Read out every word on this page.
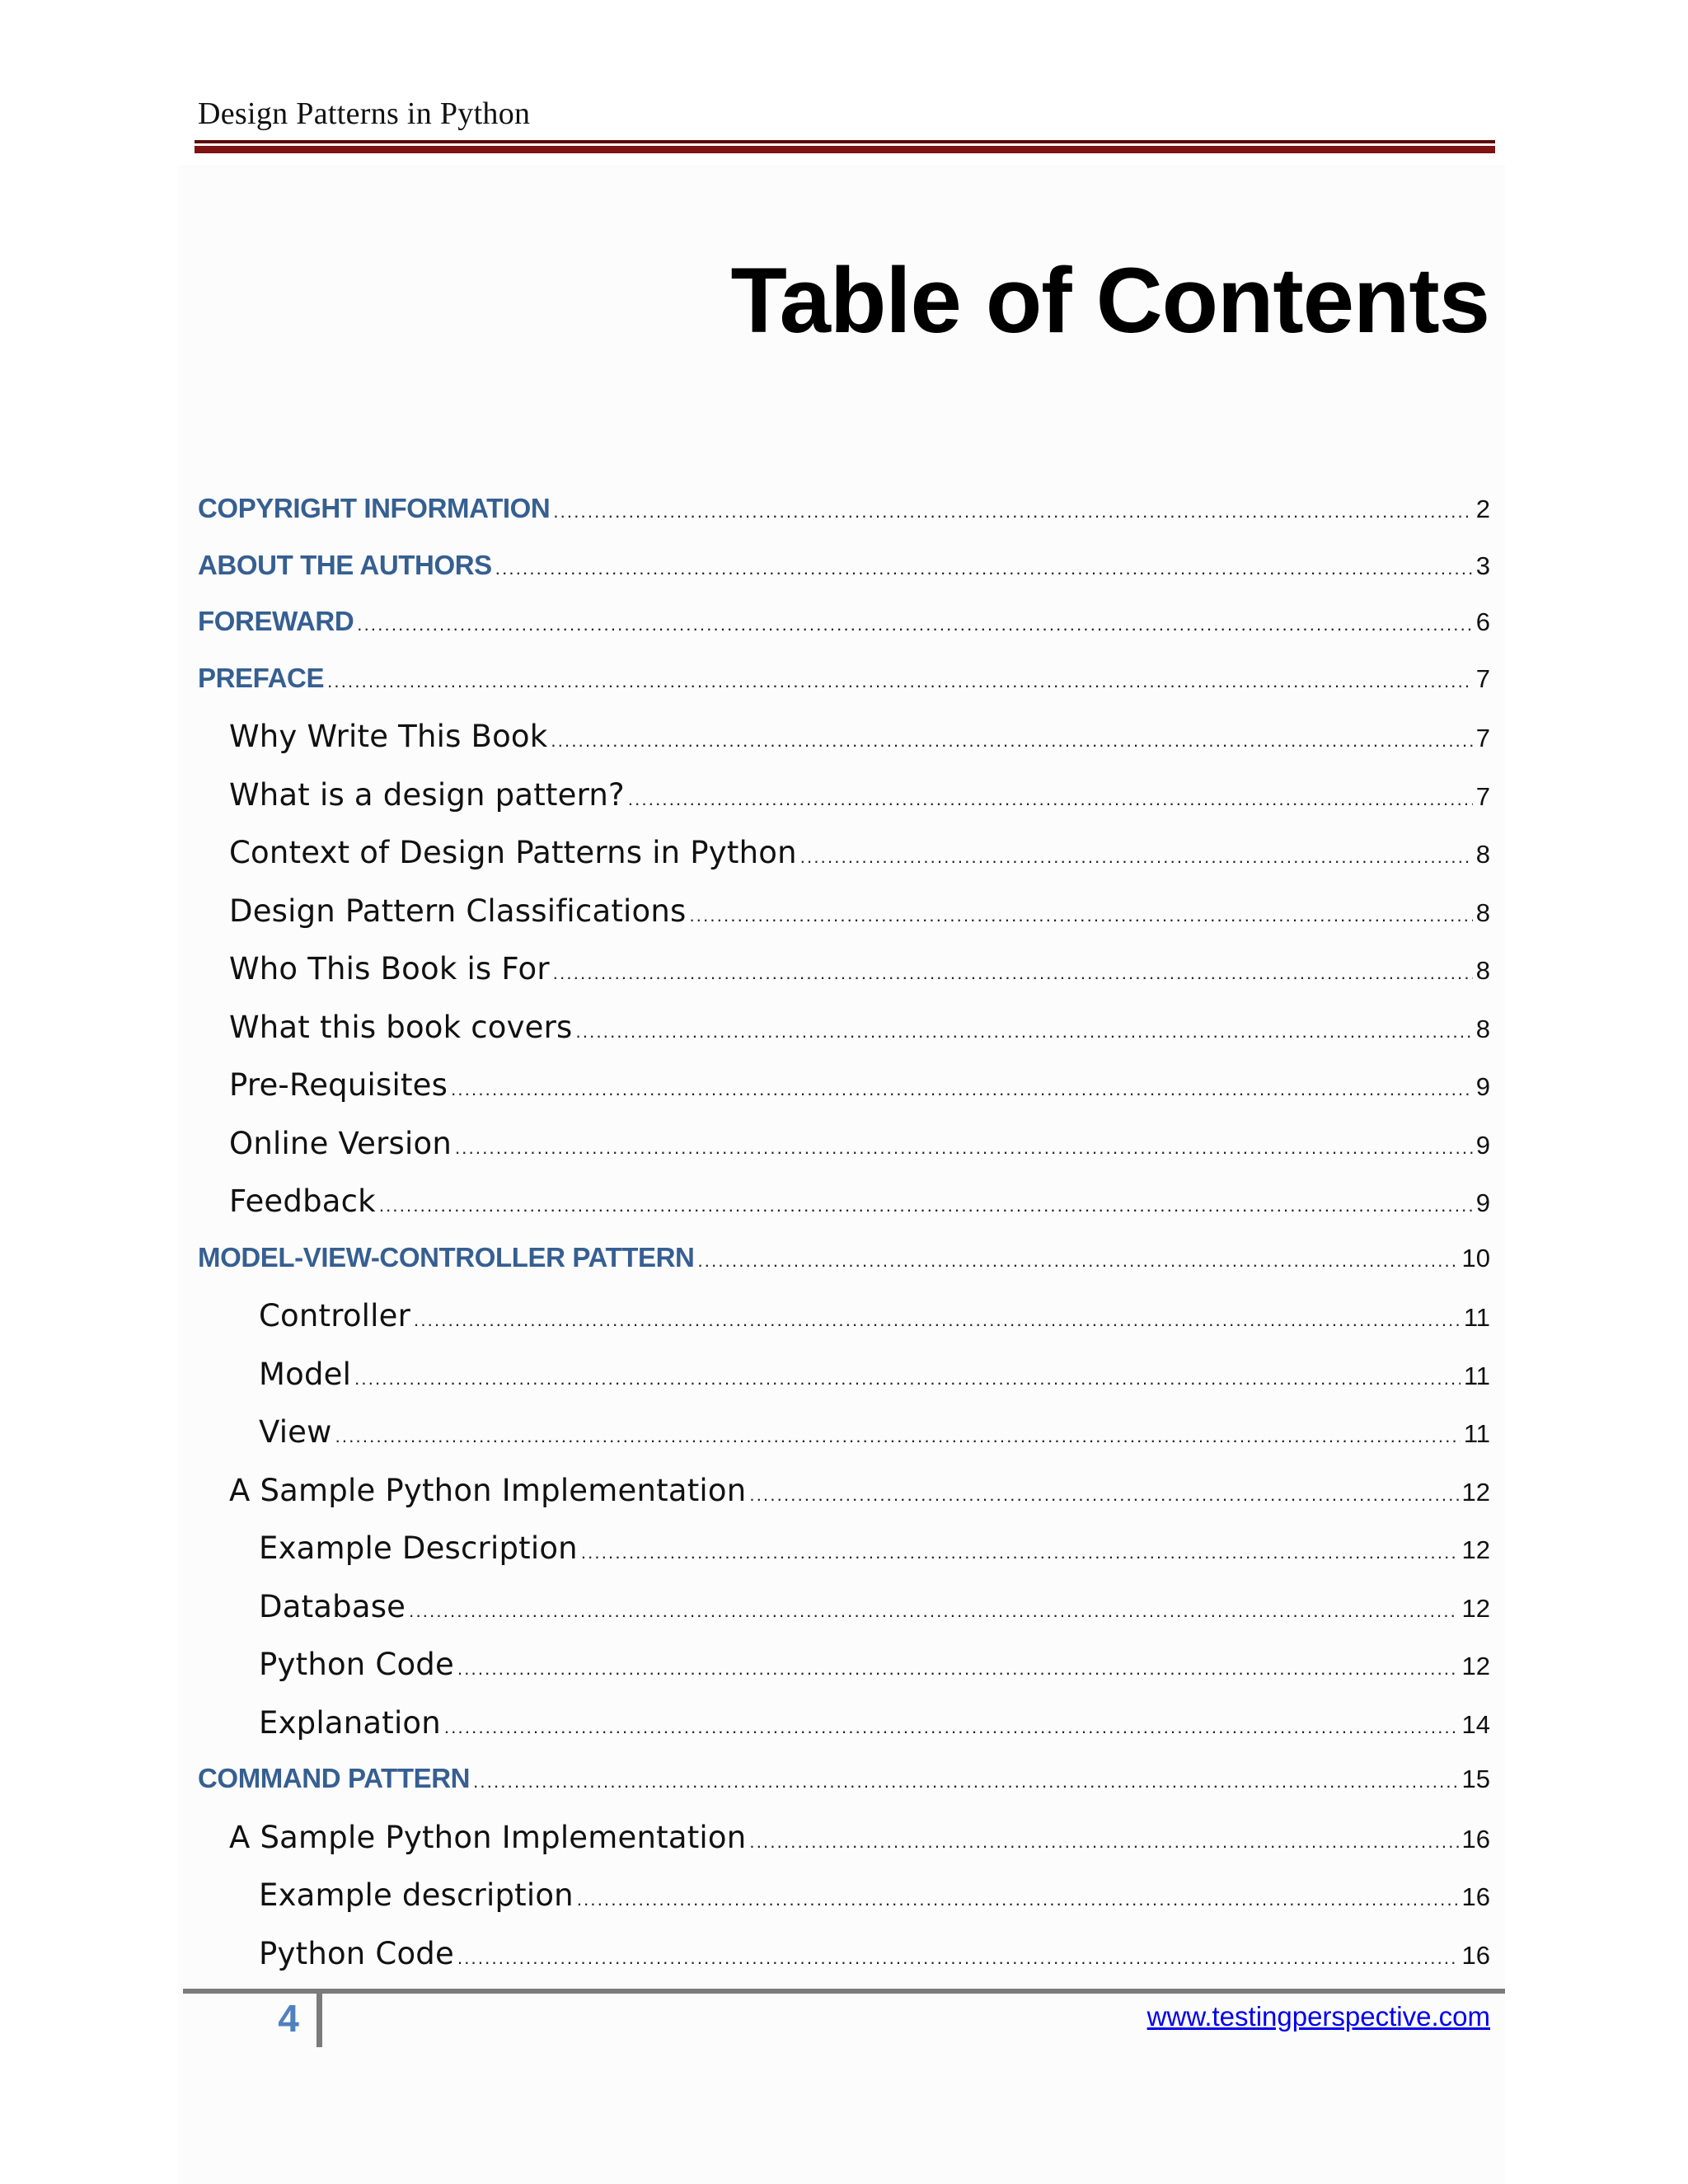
Design Patterns in Python
Table of Contents
COPYRIGHT INFORMATION .....	2
ABOUT THE AUTHORS .....	3
FOREWARD .....	6
PREFACE .....	7
Why Write This Book .....	7
What is a design pattern? .....	7
Context of Design Patterns in Python .....	8
Design Pattern Classifications .....	8
Who This Book is For .....	8
What this book covers .....	8
Pre-Requisites .....	9
Online Version .....	9
Feedback .....	9
MODEL-VIEW-CONTROLLER PATTERN .....	10
Controller .....	11
Model .....	11
View .....	11
A Sample Python Implementation .....	12
Example Description .....	12
Database .....	12
Python Code .....	12
Explanation .....	14
COMMAND PATTERN .....	15
A Sample Python Implementation .....	16
Example description .....	16
Python Code .....	16
4	www.testingperspective.com
